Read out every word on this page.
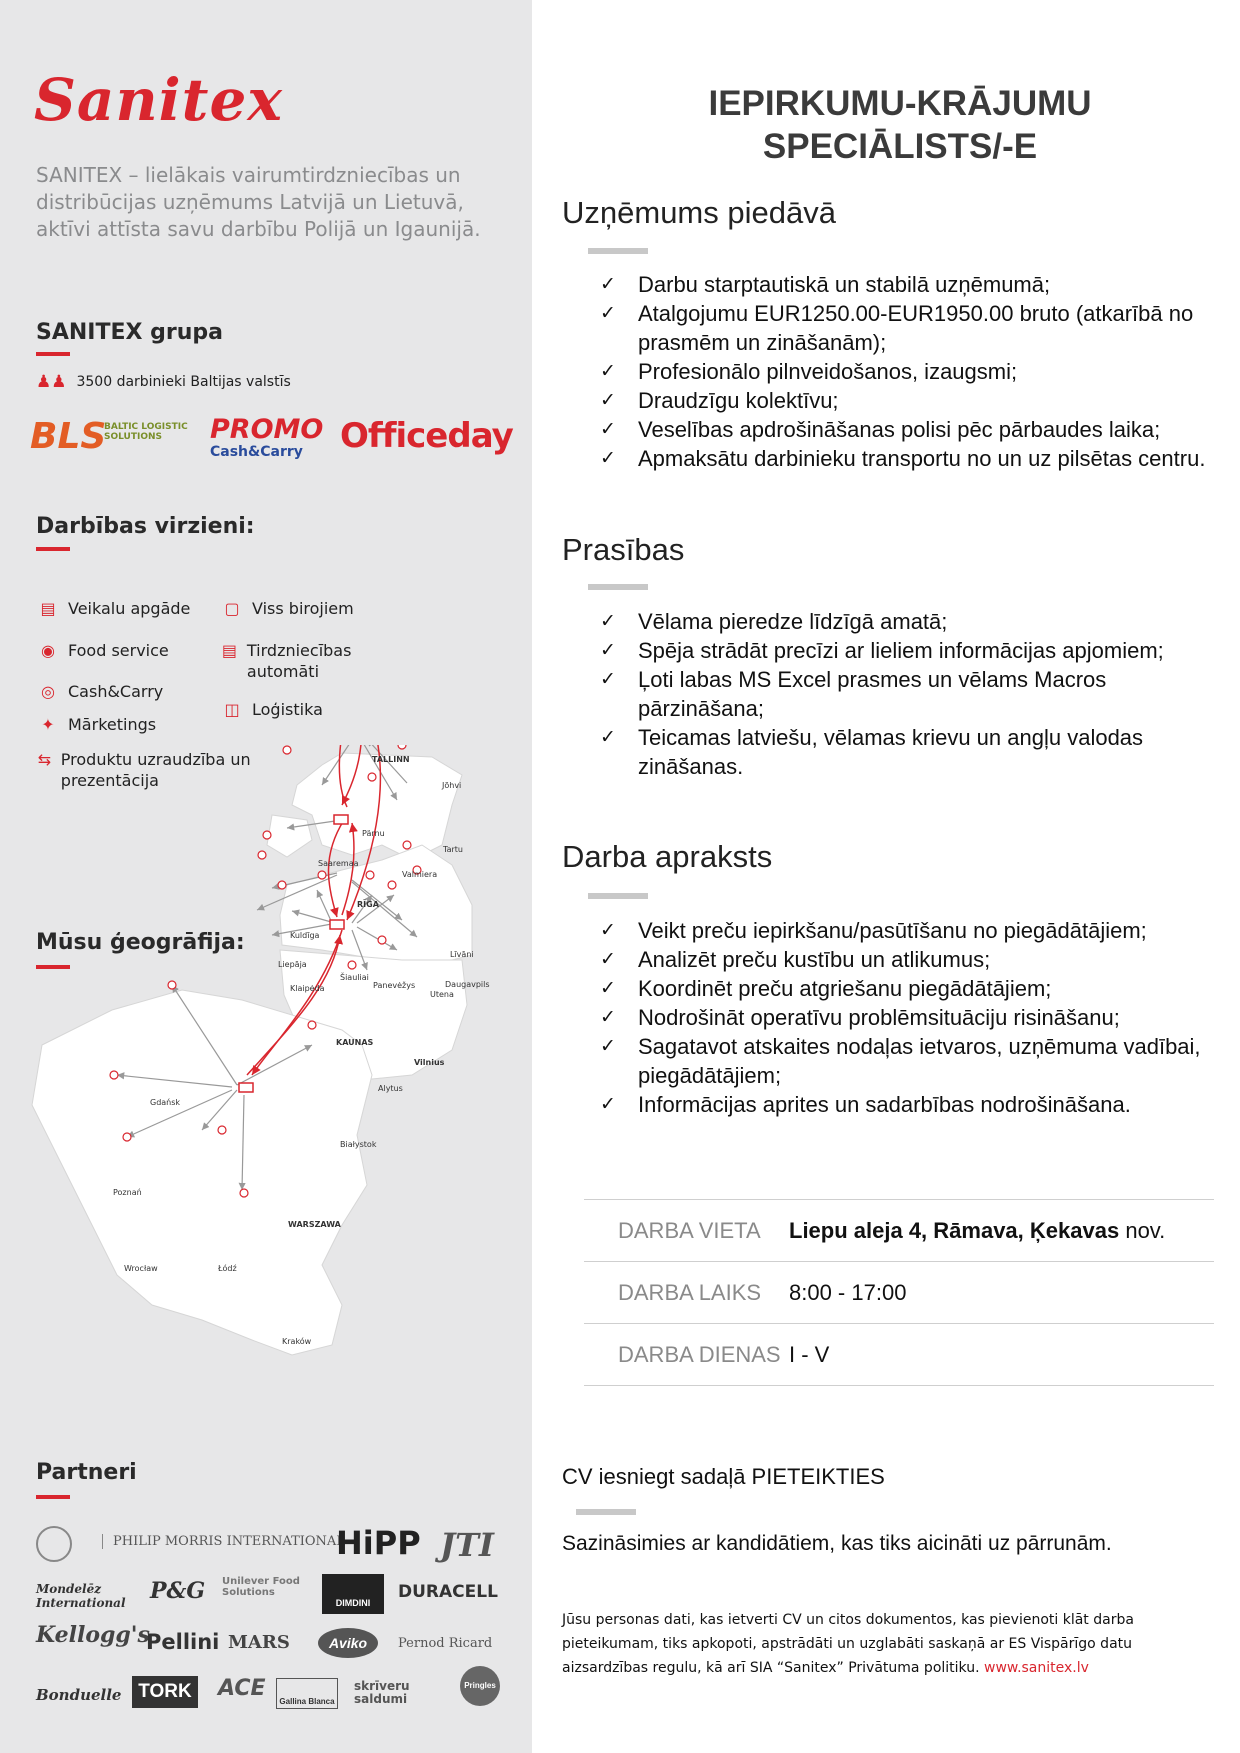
Sanitex
SANITEX – lielākais vairumtirdzniecības un distribūcijas uzņēmums Latvijā un Lietuvā, aktīvi attīsta savu darbību Polijā un Igaunijā.
SANITEX grupa
♟♟ 3500 darbinieki Baltijas valstīs
BLS
BALTIC LOGISTIC SOLUTIONS	PROMO
Cash&Carry Officeday
Darbības virzieni:
▤ Veikalu apgāde
◉ Food service
◎ Cash&Carry
✦ Mārketings
⇆ Produktu uzraudzība un prezentācija
▢ Viss birojiem
▤ Tirdzniecības automāti
◫ Loģistika
Mūsu ģeogrāfija:
TALLINN
Jõhvi
Pärnu
Tartu
Saaremaa
Valmiera
RĪGA
Kuldīga
Liepāja
Līvāni
Daugavpils
Šiauliai
Panevėžys
Klaipėda
Utena
KAUNAS
Vilnius
Alytus
Gdańsk
Białystok
Poznań
WARSZAWA
Wrocław	Łódź
Kraków
Partneri
PHILIP MORRIS INTERNATIONAL
HiPP JTI
Mondelēz International P&G Unilever Food Solutions
DIMDINI
DURACELL
Kellogg's
Pellini MARS	Aviko	Pernod Ricard
Bonduelle TORK ACE
Gallina Blanca
skrīveru saldumi
Pringles
IEPIRKUMU-KRĀJUMU
SPECIĀLISTS/-E
Uzņēmums piedāvā
✓ Darbu starptautiskā un stabilā uzņēmumā;
✓ Atalgojumu EUR1250.00-EUR1950.00 bruto (atkarībā no prasmēm un zināšanām);
✓ Profesionālo pilnveidošanos, izaugsmi;
✓ Draudzīgu kolektīvu;
✓ Veselības apdrošināšanas polisi pēc pārbaudes laika;
✓ Apmaksātu darbinieku transportu no un uz pilsētas centru.
Prasības
✓ Vēlama pieredze līdzīgā amatā;
✓ Spēja strādāt precīzi ar lieliem informācijas apjomiem;
✓ Ļoti labas MS Excel prasmes un vēlams Macros pārzināšana;
✓ Teicamas latviešu, vēlamas krievu un angļu valodas zināšanas.
Darba apraksts
✓ Veikt preču iepirkšanu/pasūtīšanu no piegādātājiem;
✓ Analizēt preču kustību un atlikumus;
✓ Koordinēt preču atgriešanu piegādātājiem;
✓ Nodrošināt operatīvu problēmsituāciju risināšanu;
✓ Sagatavot atskaites nodaļas ietvaros, uzņēmuma vadībai, piegādātājiem;
✓ Informācijas aprites un sadarbības nodrošināšana.
DARBA VIETA	Liepu aleja 4, Rāmava, Ķekavas nov.
DARBA LAIKS	8:00 - 17:00
DARBA DIENAS	I - V
CV iesniegt sadaļā PIETEIKTIES
Sazināsimies ar kandidātiem, kas tiks aicināti uz pārrunām.
Jūsu personas dati, kas ietverti CV un citos dokumentos, kas pievienoti klāt darba pieteikumam, tiks apkopoti, apstrādāti un uzglabāti saskaņā ar ES Vispārīgo datu aizsardzības regulu, kā arī SIA “Sanitex” Privātuma politiku. www.sanitex.lv
